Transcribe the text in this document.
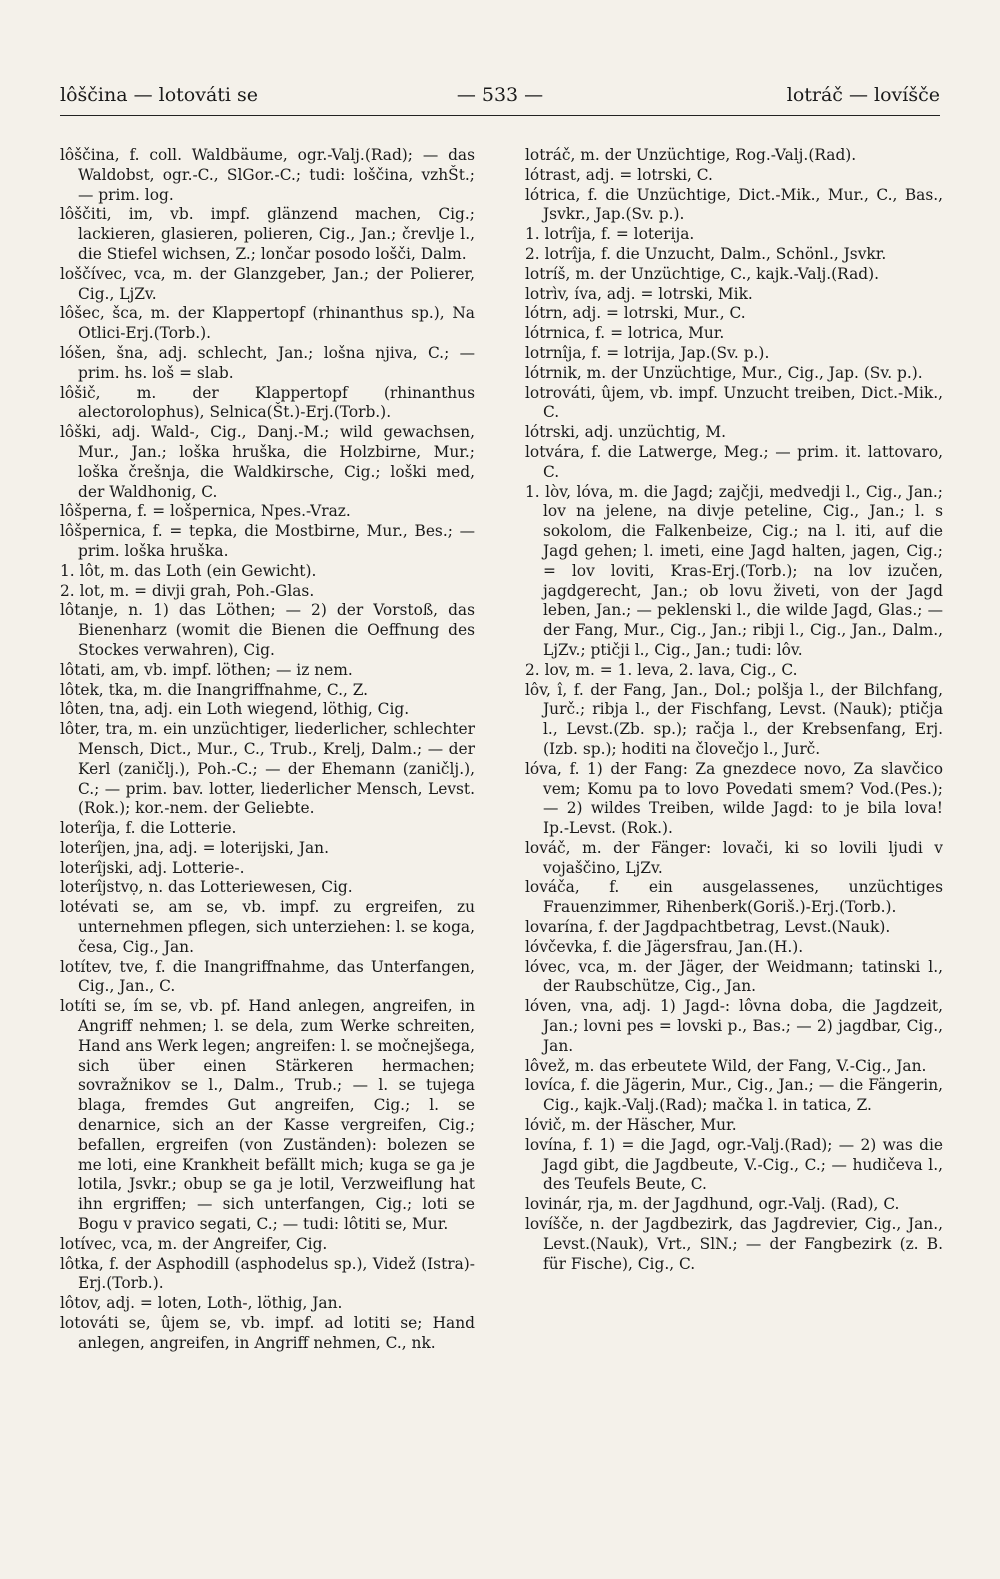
lôščina — lotováti se	— 533 —	lotráč — lovíšče

lôščina, f. coll. Waldbäume, ogr.-Valj.(Rad); — das Waldobst, ogr.-C., SlGor.-C.; tudi: loščina, vzhŠt.; — prim. log.

lôščiti, im, vb. impf. glänzend machen, Cig.; lackieren, glasieren, polieren, Cig., Jan.; črevlje l., die Stiefel wichsen, Z.; lončar posodo lošči, Dalm.

loščívec, vca, m. der Glanzgeber, Jan.; der Polierer, Cig., LjZv.

lôšec, šca, m. der Klappertopf (rhinanthus sp.), Na Otlici-Erj.(Torb.).

lóšen, šna, adj. schlecht, Jan.; lošna njiva, C.; — prim. hs. loš = slab.

lôšič, m. der Klappertopf (rhinanthus alectorolophus), Selnica(Št.)-Erj.(Torb.).

lôški, adj. Wald-, Cig., Danj.-M.; wild gewachsen, Mur., Jan.; loška hruška, die Holzbirne, Mur.; loška črešnja, die Waldkirsche, Cig.; loški med, der Waldhonig, C.

lôšperna, f. = lošpernica, Npes.-Vraz.

lôšpernica, f. = tepka, die Mostbirne, Mur., Bes.; — prim. loška hruška.

1. lôt, m. das Loth (ein Gewicht).

2. lot, m. = divji grah, Poh.-Glas.

lôtanje, n. 1) das Löthen; — 2) der Vorstoß, das Bienenharz (womit die Bienen die Oeffnung des Stockes verwahren), Cig.

lôtati, am, vb. impf. löthen; — iz nem.

lôtek, tka, m. die Inangriffnahme, C., Z.

lôten, tna, adj. ein Loth wiegend, löthig, Cig.

lôter, tra, m. ein unzüchtiger, liederlicher, schlechter Mensch, Dict., Mur., C., Trub., Krelj, Dalm.; — der Kerl (zaničlj.), Poh.-C.; — der Ehemann (zaničlj.), C.; — prim. bav. lotter, liederlicher Mensch, Levst.(Rok.); kor.-nem. der Geliebte.

loterîja, f. die Lotterie.

loterîjen, jna, adj. = loterijski, Jan.

loterîjski, adj. Lotterie-.

loterîjstvọ, n. das Lotteriewesen, Cig.

lotévati se, am se, vb. impf. zu ergreifen, zu unternehmen pflegen, sich unterziehen: l. se koga, česa, Cig., Jan.

lotítev, tve, f. die Inangriffnahme, das Unterfangen, Cig., Jan., C.

lotíti se, ím se, vb. pf. Hand anlegen, angreifen, in Angriff nehmen; l. se dela, zum Werke schreiten, Hand ans Werk legen; angreifen: l. se močnejšega, sich über einen Stärkeren hermachen; sovražnikov se l., Dalm., Trub.; — l. se tujega blaga, fremdes Gut angreifen, Cig.; l. se denarnice, sich an der Kasse vergreifen, Cig.; befallen, ergreifen (von Zuständen): bolezen se me loti, eine Krankheit befällt mich; kuga se ga je lotila, Jsvkr.; obup se ga je lotil, Verzweiflung hat ihn ergriffen; — sich unterfangen, Cig.; loti se Bogu v pravico segati, C.; — tudi: lôtiti se, Mur.

lotívec, vca, m. der Angreifer, Cig.

lôtka, f. der Asphodill (asphodelus sp.), Videž (Istra)-Erj.(Torb.).

lôtov, adj. = loten, Loth-, löthig, Jan.

lotováti se, ûjem se, vb. impf. ad lotiti se; Hand anlegen, angreifen, in Angriff nehmen, C., nk.

lotráč, m. der Unzüchtige, Rog.-Valj.(Rad).

lótrast, adj. = lotrski, C.

lótrica, f. die Unzüchtige, Dict.-Mik., Mur., C., Bas., Jsvkr., Jap.(Sv. p.).

1. lotrîja, f. = loterija.

2. lotrîja, f. die Unzucht, Dalm., Schönl., Jsvkr.

lotríš, m. der Unzüchtige, C., kajk.-Valj.(Rad).

lotrìv, íva, adj. = lotrski, Mik.

lótrn, adj. = lotrski, Mur., C.

lótrnica, f. = lotrica, Mur.

lotrnîja, f. = lotrija, Jap.(Sv. p.).

lótrnik, m. der Unzüchtige, Mur., Cig., Jap. (Sv. p.).

lotrováti, ûjem, vb. impf. Unzucht treiben, Dict.-Mik., C.

lótrski, adj. unzüchtig, M.

lotvára, f. die Latwerge, Meg.; — prim. it. lattovaro, C.

1. lòv, lóva, m. die Jagd; zajčji, medvedji l., Cig., Jan.; lov na jelene, na divje peteline, Cig., Jan.; l. s sokolom, die Falkenbeize, Cig.; na l. iti, auf die Jagd gehen; l. imeti, eine Jagd halten, jagen, Cig.; = lov loviti, Kras-Erj.(Torb.); na lov izučen, jagdgerecht, Jan.; ob lovu živeti, von der Jagd leben, Jan.; — peklenski l., die wilde Jagd, Glas.; — der Fang, Mur., Cig., Jan.; ribji l., Cig., Jan., Dalm., LjZv.; ptičji l., Cig., Jan.; tudi: lôv.

2. lov, m. = 1. leva, 2. lava, Cig., C.

lôv, î, f. der Fang, Jan., Dol.; polšja l., der Bilchfang, Jurč.; ribja l., der Fischfang, Levst. (Nauk); ptičja l., Levst.(Zb. sp.); račja l., der Krebsenfang, Erj.(Izb. sp.); hoditi na človečjo l., Jurč.

lóva, f. 1) der Fang: Za gnezdece novo, Za slavčico vem; Komu pa to lovo Povedati smem? Vod.(Pes.); — 2) wildes Treiben, wilde Jagd: to je bila lova! Ip.-Levst. (Rok.).

lováč, m. der Fänger: lovači, ki so lovili ljudi v vojaščino, LjZv.

lováča, f. ein ausgelassenes, unzüchtiges Frauenzimmer, Rihenberk(Goriš.)-Erj.(Torb.).

lovarína, f. der Jagdpachtbetrag, Levst.(Nauk).

lóvčevka, f. die Jägersfrau, Jan.(H.).

lóvec, vca, m. der Jäger, der Weidmann; tatinski l., der Raubschütze, Cig., Jan.

lóven, vna, adj. 1) Jagd-: lôvna doba, die Jagdzeit, Jan.; lovni pes = lovski p., Bas.; — 2) jagdbar, Cig., Jan.

lôvež, m. das erbeutete Wild, der Fang, V.-Cig., Jan.

lovíca, f. die Jägerin, Mur., Cig., Jan.; — die Fängerin, Cig., kajk.-Valj.(Rad); mačka l. in tatica, Z.

lóvič, m. der Häscher, Mur.

lovína, f. 1) = die Jagd, ogr.-Valj.(Rad); — 2) was die Jagd gibt, die Jagdbeute, V.-Cig., C.; — hudičeva l., des Teufels Beute, C.

lovinár, rja, m. der Jagdhund, ogr.-Valj. (Rad), C.

lovíšče, n. der Jagdbezirk, das Jagdrevier, Cig., Jan., Levst.(Nauk), Vrt., SlN.; — der Fangbezirk (z. B. für Fische), Cig., C.
